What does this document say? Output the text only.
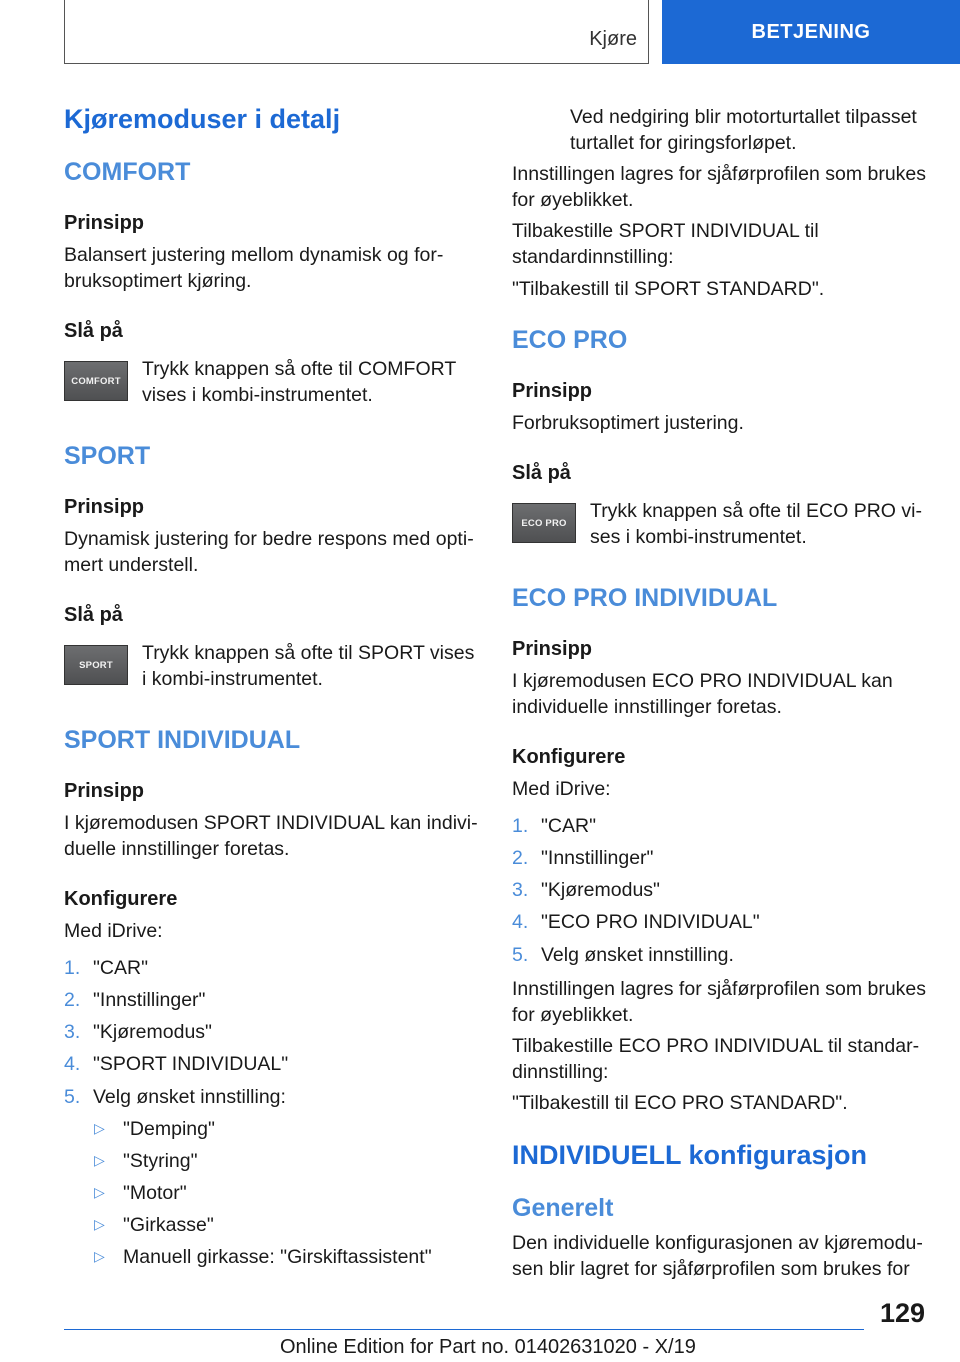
Kjøre	BETJENING
Kjøremoduser i detalj
COMFORT
Prinsipp
Balansert justering mellom dynamisk og forbruksoptimert kjøring.
Slå på
COMFORT
Trykk knappen så ofte til COMFORT vises i kombi-instrumentet.
SPORT
Prinsipp
Dynamisk justering for bedre respons med optimert understell.
Slå på
SPORT
Trykk knappen så ofte til SPORT vises i kombi-instrumentet.
SPORT INDIVIDUAL
Prinsipp
I kjøremodusen SPORT INDIVIDUAL kan individuelle innstillinger foretas.
Konfigurere
Med iDrive:
1. "CAR"
2. "Innstillinger"
3. "Kjøremodus"
4. "SPORT INDIVIDUAL"
5. Velg ønsket innstilling:
▷ "Demping"
▷ "Styring"
▷ "Motor"
▷ "Girkasse"
▷ Manuell girkasse: "Girskiftassistent"
Ved nedgiring blir motorturtallet tilpasset turtallet for giringsforløpet.
Innstillingen lagres for sjåførprofilen som brukes for øyeblikket.
Tilbakestille SPORT INDIVIDUAL til standardinnstilling:
"Tilbakestill til SPORT STANDARD".
ECO PRO
Prinsipp
Forbruksoptimert justering.
Slå på
ECO PRO
Trykk knappen så ofte til ECO PRO vises i kombi-instrumentet.
ECO PRO INDIVIDUAL
Prinsipp
I kjøremodusen ECO PRO INDIVIDUAL kan individuelle innstillinger foretas.
Konfigurere
Med iDrive:
1. "CAR"
2. "Innstillinger"
3. "Kjøremodus"
4. "ECO PRO INDIVIDUAL"
5. Velg ønsket innstilling.
Innstillingen lagres for sjåførprofilen som brukes for øyeblikket.
Tilbakestille ECO PRO INDIVIDUAL til standardinnstilling:
"Tilbakestill til ECO PRO STANDARD".
INDIVIDUELL konfigurasjon
Generelt
Den individuelle konfigurasjonen av kjøremodusen blir lagret for sjåførprofilen som brukes for
129
Online Edition for Part no. 01402631020 - X/19
